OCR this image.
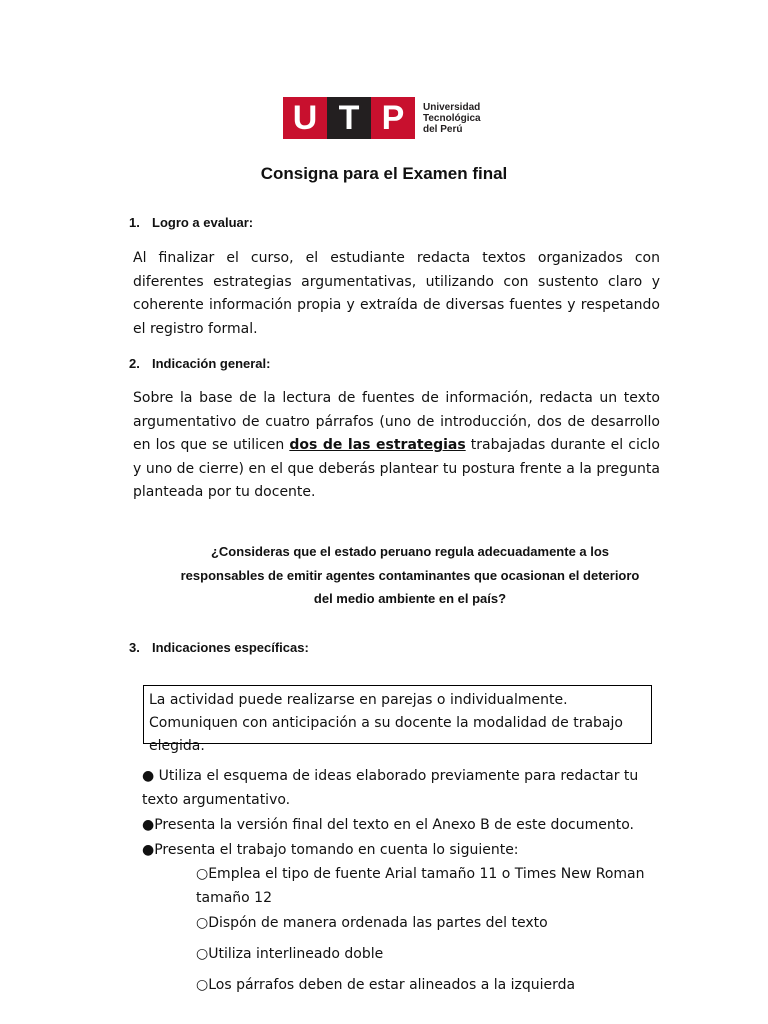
U T P	Universidad
Tecnológica
del Perú
Consigna para el Examen final
1. Logro a evaluar:
Al finalizar el curso, el estudiante redacta textos organizados con diferentes estrategias argumentativas, utilizando con sustento claro y coherente información propia y extraída de diversas fuentes y respetando el registro formal.
2. Indicación general:
Sobre la base de la lectura de fuentes de información, redacta un texto argumentativo de cuatro párrafos (uno de introducción, dos de desarrollo en los que se utilicen dos de las estrategias trabajadas durante el ciclo y uno de cierre) en el que deberás plantear tu postura frente a la pregunta planteada por tu docente.
¿Consideras que el estado peruano regula adecuadamente a los responsables de emitir agentes contaminantes que ocasionan el deterioro del medio ambiente en el país?
3. Indicaciones específicas:
La actividad puede realizarse en parejas o individualmente. Comuniquen con anticipación a su docente la modalidad de trabajo elegida.
● Utiliza el esquema de ideas elaborado previamente para redactar tu texto argumentativo.
●Presenta la versión final del texto en el Anexo B de este documento.
●Presenta el trabajo tomando en cuenta lo siguiente:
○Emplea el tipo de fuente Arial tamaño 11 o Times New Roman tamaño 12
○Dispón de manera ordenada las partes del texto
○Utiliza interlineado doble
○Los párrafos deben de estar alineados a la izquierda
